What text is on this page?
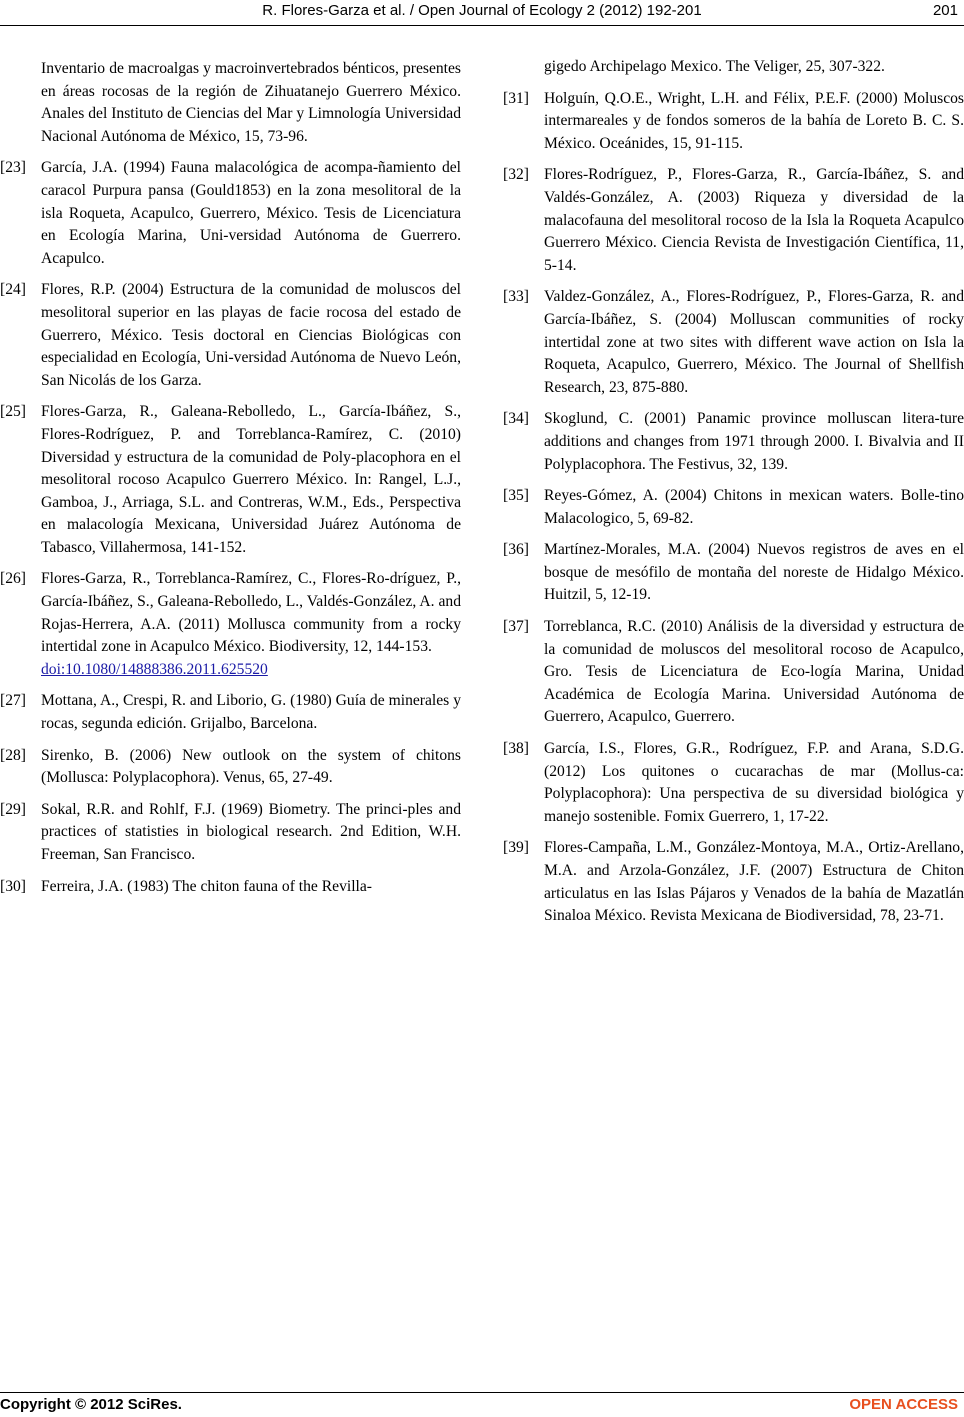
R. Flores-Garza et al. / Open Journal of Ecology 2 (2012) 192-201	201
Inventario de macroalgas y macroinvertebrados bénticos, presentes en áreas rocosas de la región de Zihuatanejo Guerrero México. Anales del Instituto de Ciencias del Mar y Limnología Universidad Nacional Autónoma de México, 15, 73-96.
[23] García, J.A. (1994) Fauna malacológica de acompa-ñamiento del caracol Purpura pansa (Gould1853) en la zona mesolitoral de la isla Roqueta, Acapulco, Guerrero, México. Tesis de Licenciatura en Ecología Marina, Uni-versidad Autónoma de Guerrero. Acapulco.
[24] Flores, R.P. (2004) Estructura de la comunidad de moluscos del mesolitoral superior en las playas de facie rocosa del estado de Guerrero, México. Tesis doctoral en Ciencias Biológicas con especialidad en Ecología, Uni-versidad Autónoma de Nuevo León, San Nicolás de los Garza.
[25] Flores-Garza, R., Galeana-Rebolledo, L., García-Ibáñez, S., Flores-Rodríguez, P. and Torreblanca-Ramírez, C. (2010) Diversidad y estructura de la comunidad de Poly-placophora en el mesolitoral rocoso Acapulco Guerrero México. In: Rangel, L.J., Gamboa, J., Arriaga, S.L. and Contreras, W.M., Eds., Perspectiva en malacología Mexicana, Universidad Juárez Autónoma de Tabasco, Villahermosa, 141-152.
[26] Flores-Garza, R., Torreblanca-Ramírez, C., Flores-Ro-dríguez, P., García-Ibáñez, S., Galeana-Rebolledo, L., Valdés-González, A. and Rojas-Herrera, A.A. (2011) Mollusca community from a rocky intertidal zone in Acapulco México. Biodiversity, 12, 144-153.
doi:10.1080/14888386.2011.625520
[27] Mottana, A., Crespi, R. and Liborio, G. (1980) Guía de minerales y rocas, segunda edición. Grijalbo, Barcelona.
[28] Sirenko, B. (2006) New outlook on the system of chitons (Mollusca: Polyplacophora). Venus, 65, 27-49.
[29] Sokal, R.R. and Rohlf, F.J. (1969) Biometry. The princi-ples and practices of statisties in biological research. 2nd Edition, W.H. Freeman, San Francisco.
[30] Ferreira, J.A. (1983) The chiton fauna of the Revilla-
gigedo Archipelago Mexico. The Veliger, 25, 307-322.
[31] Holguín, Q.O.E., Wright, L.H. and Félix, P.E.F. (2000) Moluscos intermareales y de fondos someros de la bahía de Loreto B. C. S. México. Oceánides, 15, 91-115.
[32] Flores-Rodríguez, P., Flores-Garza, R., García-Ibáñez, S. and Valdés-González, A. (2003) Riqueza y diversidad de la malacofauna del mesolitoral rocoso de la Isla la Roqueta Acapulco Guerrero México. Ciencia Revista de Investigación Científica, 11, 5-14.
[33] Valdez-González, A., Flores-Rodríguez, P., Flores-Garza, R. and García-Ibáñez, S. (2004) Molluscan communities of rocky intertidal zone at two sites with different wave action on Isla la Roqueta, Acapulco, Guerrero, México. The Journal of Shellfish Research, 23, 875-880.
[34] Skoglund, C. (2001) Panamic province molluscan litera-ture additions and changes from 1971 through 2000. I. Bivalvia and II Polyplacophora. The Festivus, 32, 139.
[35] Reyes-Gómez, A. (2004) Chitons in mexican waters. Bolle-tino Malacologico, 5, 69-82.
[36] Martínez-Morales, M.A. (2004) Nuevos registros de aves en el bosque de mesófilo de montaña del noreste de Hidalgo México. Huitzil, 5, 12-19.
[37] Torreblanca, R.C. (2010) Análisis de la diversidad y estructura de la comunidad de moluscos del mesolitoral rocoso de Acapulco, Gro. Tesis de Licenciatura de Eco-logía Marina, Unidad Académica de Ecología Marina. Universidad Autónoma de Guerrero, Acapulco, Guerrero.
[38] García, I.S., Flores, G.R., Rodríguez, F.P. and Arana, S.D.G. (2012) Los quitones o cucarachas de mar (Mollus-ca: Polyplacophora): Una perspectiva de su diversidad biológica y manejo sostenible. Fomix Guerrero, 1, 17-22.
[39] Flores-Campaña, L.M., González-Montoya, M.A., Ortiz-Arellano, M.A. and Arzola-González, J.F. (2007) Estructura de Chiton articulatus en las Islas Pájaros y Venados de la bahía de Mazatlán Sinaloa México. Revista Mexicana de Biodiversidad, 78, 23-71.
Copyright © 2012 SciRes.	OPEN ACCESS
